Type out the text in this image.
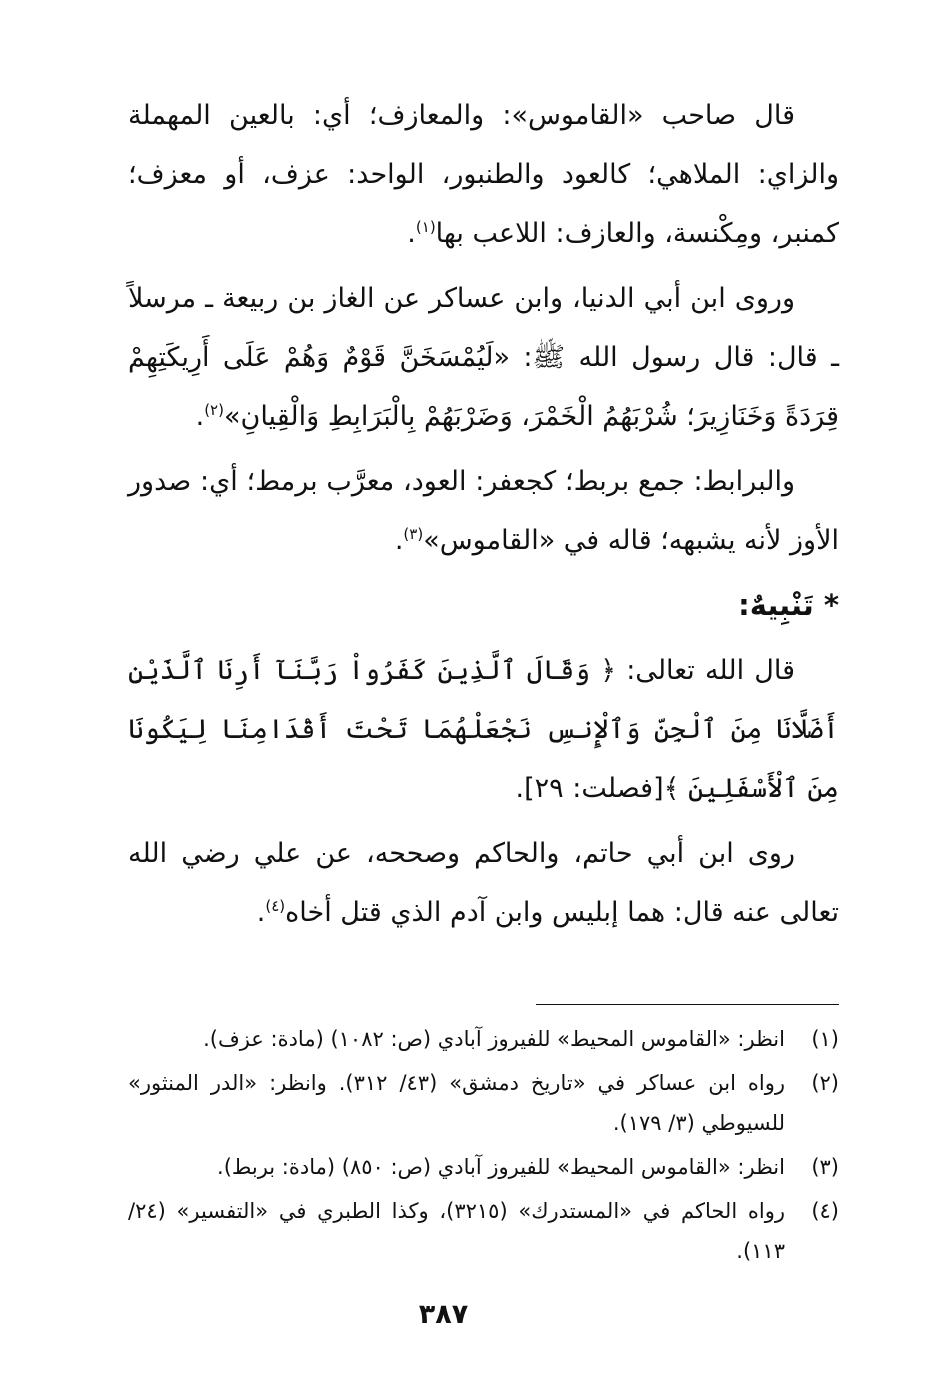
قال صاحب «القاموس»: والمعازف؛ أي: بالعين المهملة والزاي: الملاهي؛ كالعود والطنبور، الواحد: عزف، أو معزف؛ كمنبر، ومِكْنسة، والعازف: اللاعب بها$^{(١)}$.

وروى ابن أبي الدنيا، وابن عساكر عن الغاز بن ربيعة ـ مرسلاً ـ قال: قال رسول الله ﷺ: «لَيُمْسَخَنَّ قَوْمٌ وَهُمْ عَلَى أَرِيكَتِهِمْ قِرَدَةً وَخَنَازِيرَ؛ شُرْبَهُمُ الْخَمْرَ، وَضَرْبَهُمْ بِالْبَرَابِطِ وَالْقِيانِ»$^{(٢)}$.

والبرابط: جمع بربط؛ كجعفر: العود، معرَّب برمط؛ أي: صدور الأوز لأنه يشبهه؛ قاله في «القاموس»$^{(٣)}$.

* تَنْبِيهٌ:

قال الله تعالى: ﴿ وَقَالَ ٱلَّذِينَ كَفَرُواْ رَبَّنَآ أَرِنَا ٱلَّذَيْنِ أَضَلَّانَا مِنَ ٱلْجِنِّ وَٱلْإِنسِ نَجْعَلْهُمَا تَحْتَ أَقْدَامِنَا لِيَكُونَا مِنَ ٱلْأَسْفَلِينَ ﴾[فصلت: ٢٩].

روى ابن أبي حاتم، والحاكم وصححه، عن علي رضي الله تعالى عنه قال: هما إبليس وابن آدم الذي قتل أخاه$^{(٤)}$.

(١)
انظر: «القاموس المحيط» للفيروز آبادي (ص: ١٠٨٢) (مادة: عزف).
(٢)
رواه ابن عساكر في «تاريخ دمشق» (٤٣/ ٣١٢). وانظر: «الدر المنثور» للسيوطي (٣/ ١٧٩).
(٣)
انظر: «القاموس المحيط» للفيروز آبادي (ص: ٨٥٠) (مادة: بربط).
(٤)
رواه الحاكم في «المستدرك» (٣٢١٥)، وكذا الطبري في «التفسير» (٢٤/ ١١٣).
٣٨٧
